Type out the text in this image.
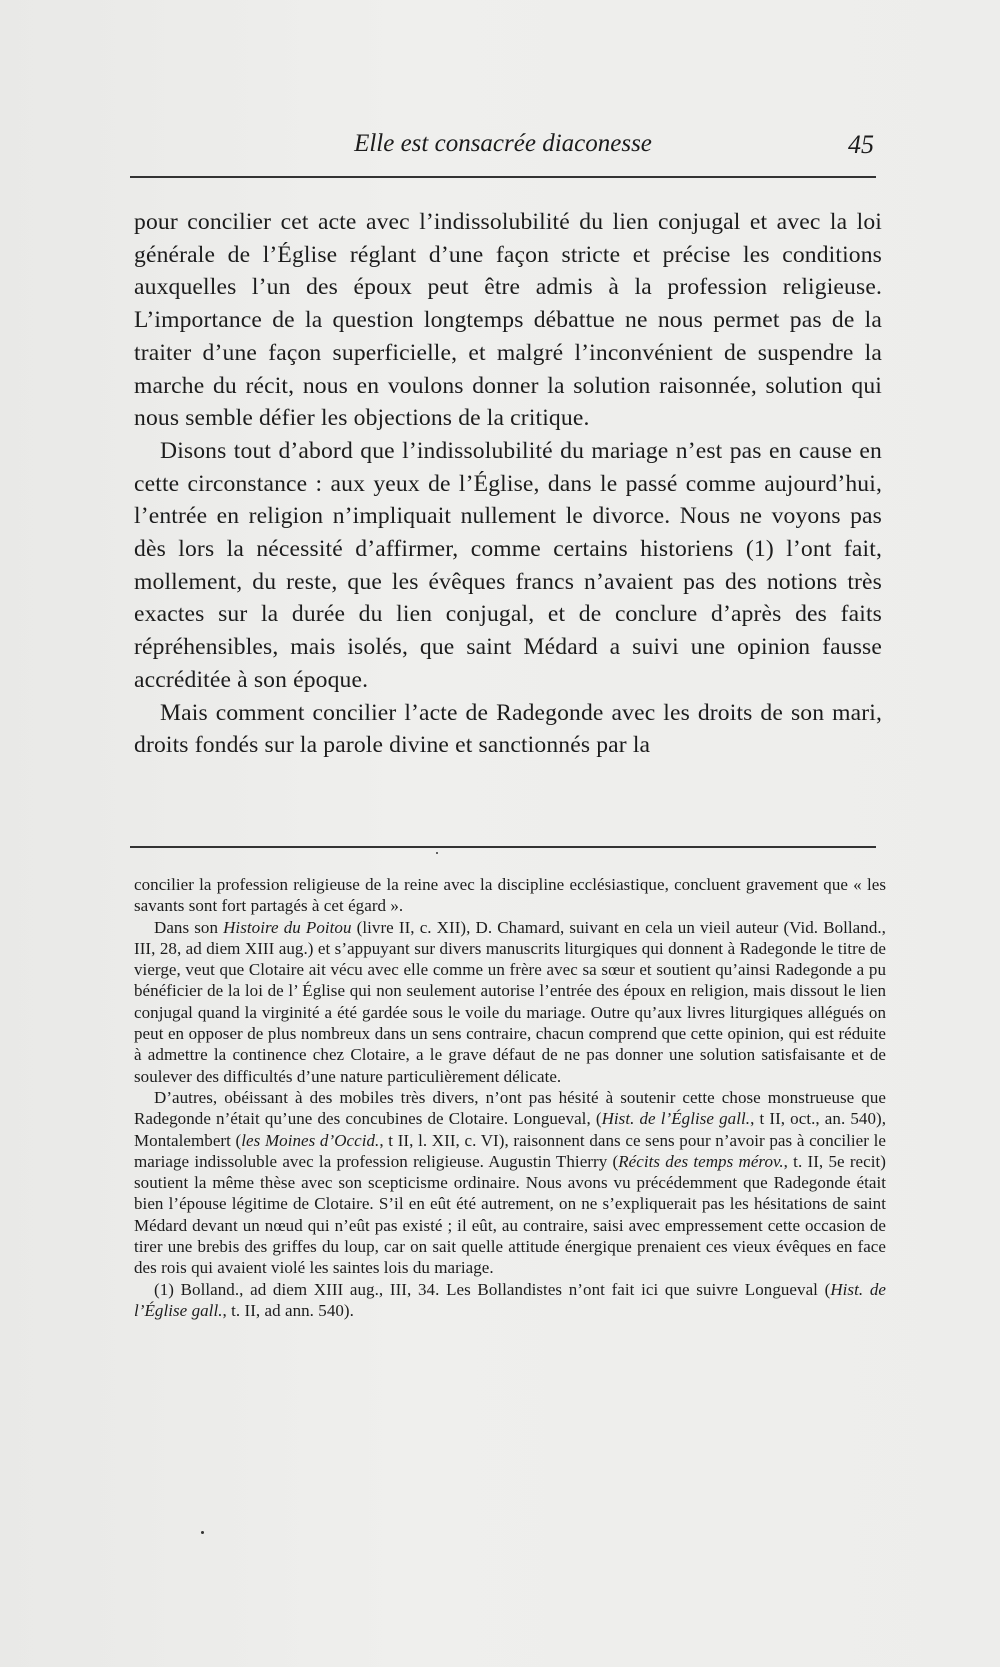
Elle est consacrée diaconesse	45

pour concilier cet acte avec l’indissolubilité du lien conjugal et avec la loi générale de l’Église réglant d’une façon stricte et précise les conditions auxquelles l’un des époux peut être admis à la profession religieuse. L’importance de la question longtemps débattue ne nous permet pas de la traiter d’une façon superficielle, et malgré l’inconvénient de suspendre la marche du récit, nous en voulons donner la solution raisonnée, solution qui nous semble défier les objections de la critique.

Disons tout d’abord que l’indissolubilité du mariage n’est pas en cause en cette circonstance : aux yeux de l’Église, dans le passé comme aujourd’hui, l’entrée en religion n’impliquait nullement le divorce. Nous ne voyons pas dès lors la nécessité d’affirmer, comme certains historiens (1) l’ont fait, mollement, du reste, que les évêques francs n’avaient pas des notions très exactes sur la durée du lien conjugal, et de conclure d’après des faits répréhensibles, mais isolés, que saint Médard a suivi une opinion fausse accréditée à son époque.

Mais comment concilier l’acte de Radegonde avec les droits de son mari, droits fondés sur la parole divine et sanctionnés par la

concilier la profession religieuse de la reine avec la discipline ecclésiastique, concluent gravement que « les savants sont fort partagés à cet égard ».

Dans son Histoire du Poitou (livre II, c. XII), D. Chamard, suivant en cela un vieil auteur (Vid. Bolland., III, 28, ad diem XIII aug.) et s’appuyant sur divers manuscrits liturgiques qui donnent à Radegonde le titre de vierge, veut que Clotaire ait vécu avec elle comme un frère avec sa sœur et soutient qu’ainsi Radegonde a pu bénéficier de la loi de l’ Église qui non seulement autorise l’entrée des époux en religion, mais dissout le lien conjugal quand la virginité a été gardée sous le voile du mariage. Outre qu’aux livres liturgiques allégués on peut en opposer de plus nombreux dans un sens contraire, chacun comprend que cette opinion, qui est réduite à admettre la continence chez Clotaire, a le grave défaut de ne pas donner une solution satisfaisante et de soulever des difficultés d’une nature particulièrement délicate.

D’autres, obéissant à des mobiles très divers, n’ont pas hésité à soutenir cette chose monstrueuse que Radegonde n’était qu’une des concubines de Clotaire. Longueval, (Hist. de l’Église gall., t II, oct., an. 540), Montalembert (les Moines d’Occid., t II, l. XII, c. VI), raisonnent dans ce sens pour n’avoir pas à concilier le mariage indissoluble avec la profession religieuse. Augustin Thierry (Récits des temps mérov., t. II, 5e recit) soutient la même thèse avec son scepticisme ordinaire. Nous avons vu précédemment que Radegonde était bien l’épouse légitime de Clotaire. S’il en eût été autrement, on ne s’expliquerait pas les hésitations de saint Médard devant un nœud qui n’eût pas existé ; il eût, au contraire, saisi avec empressement cette occasion de tirer une brebis des griffes du loup, car on sait quelle attitude énergique prenaient ces vieux évêques en face des rois qui avaient violé les saintes lois du mariage.

(1) Bolland., ad diem XIII aug., III, 34. Les Bollandistes n’ont fait ici que suivre Longueval (Hist. de l’Église gall., t. II, ad ann. 540).
